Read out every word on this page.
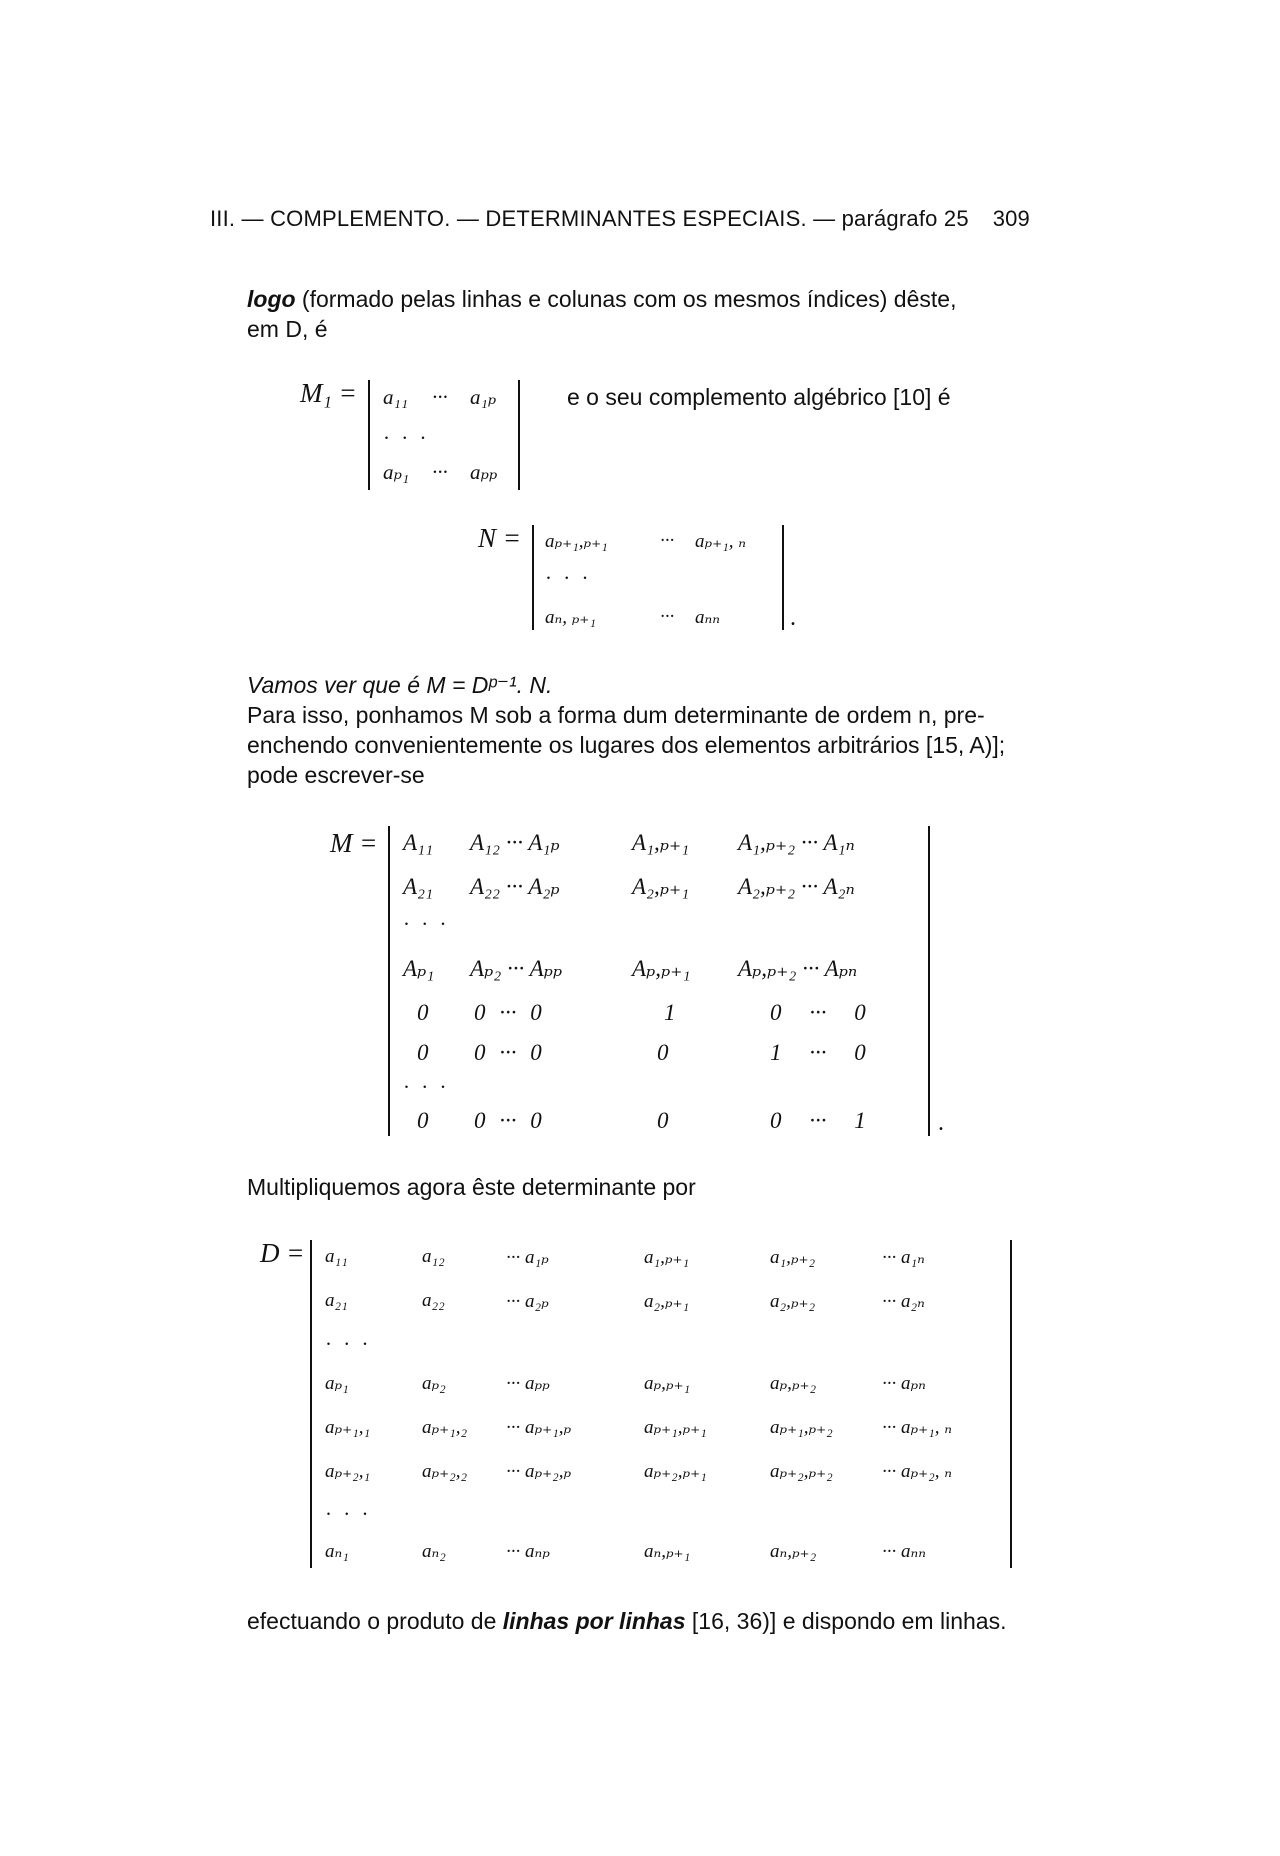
III. — COMPLEMENTO. — DETERMINANTES ESPECIAIS. — parágrafo 25 309
logo (formado pelas linhas e colunas com os mesmos índices) dêste,
em D, é
M₁ = a₁₁ ··· a₁ₚ
· · ·
aₚ₁ ··· aₚₚ
e o seu complemento algébrico [10] é
N = aₚ₊₁,ₚ₊₁	··· aₚ₊₁, ₙ
· · ·
aₙ, ₚ₊₁	··· aₙₙ	.
Vamos ver que é M = Dᵖ⁻¹. N.
Para isso, ponhamos M sob a forma dum determinante de ordem n, pre-
enchendo convenientemente os lugares dos elementos arbitrários [15, A)];
pode escrever-se
M = A₁₁ A₁₂ ··· A₁ₚ	A₁,ₚ₊₁ A₁,ₚ₊₂ ··· A₁ₙ
A₂₁ A₂₂ ··· A₂ₚ	A₂,ₚ₊₁ A₂,ₚ₊₂ ··· A₂ₙ
· · ·
Aₚ₁ Aₚ₂ ··· Aₚₚ	Aₚ,ₚ₊₁ Aₚ,ₚ₊₂ ··· Aₚₙ
0 0 ··· 0	1	0 ··· 0
0 0 ··· 0	0	1 ··· 0
· · ·
0 0 ··· 0	0	0 ··· 1	.
Multipliquemos agora êste determinante por
D = a₁₁	a₁₂	··· a₁ₚ	a₁,ₚ₊₁	a₁,ₚ₊₂	··· a₁ₙ
a₂₁	a₂₂	··· a₂ₚ	a₂,ₚ₊₁	a₂,ₚ₊₂	··· a₂ₙ
· · ·
aₚ₁	aₚ₂	··· aₚₚ	aₚ,ₚ₊₁	aₚ,ₚ₊₂	··· aₚₙ
aₚ₊₁,₁	aₚ₊₁,₂ ··· aₚ₊₁,ₚ	aₚ₊₁,ₚ₊₁	aₚ₊₁,ₚ₊₂	··· aₚ₊₁, ₙ
aₚ₊₂,₁	aₚ₊₂,₂ ··· aₚ₊₂,ₚ	aₚ₊₂,ₚ₊₁	aₚ₊₂,ₚ₊₂	··· aₚ₊₂, ₙ
· · ·
aₙ₁	aₙ₂	··· aₙₚ	aₙ,ₚ₊₁	aₙ,ₚ₊₂	··· aₙₙ
efectuando o produto de linhas por linhas [16, 36)] e dispondo em linhas.
